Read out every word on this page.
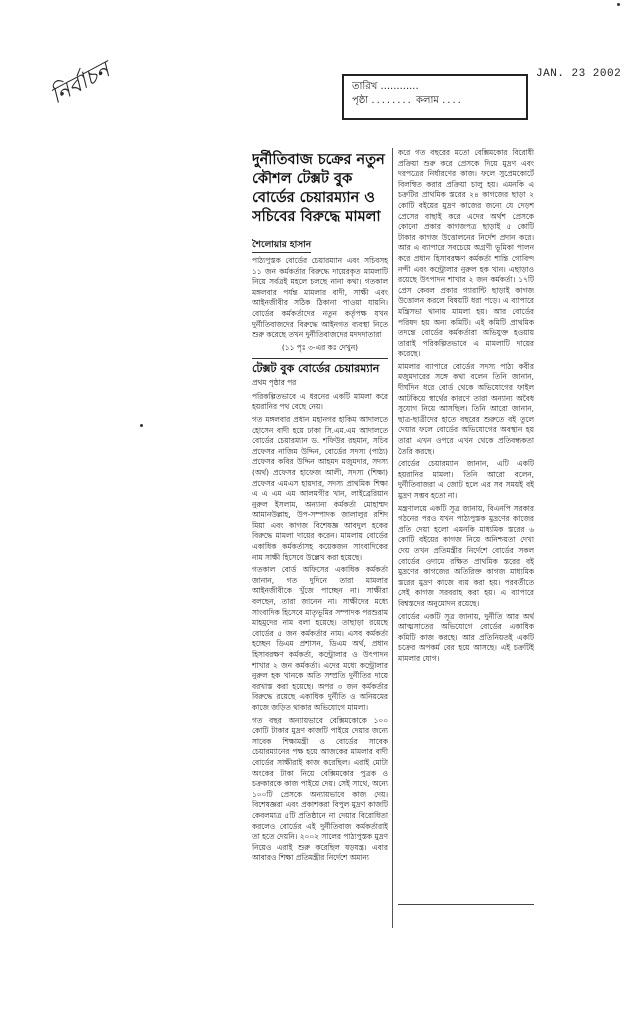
নির্বাচন	JAN. 23 2002
তারিখ ............
পৃষ্ঠা ........ কলাম ....
দুর্নীতিবাজ চক্রের নতুন কৌশল টেক্সট বুক বোর্ডের চেয়ারম্যান ও সচিবের বিরুদ্ধে মামলা
শৈলোয়ার হাসান

পাঠ্যপুস্তক বোর্ডের চেয়ারম্যান এবং সচিবসহ ১১ জন কর্মকর্তার বিরুদ্ধে দায়েরকৃত মামলাটি নিয়ে সর্বত্রই মহলে চলছে নানা কথা। গতকাল মঙ্গলবার পর্যন্ত মামলার বাদী, সাক্ষী এবং আইনজীবীর সঠিক ঠিকানা পাওয়া যায়নি। বোর্ডের কর্মকর্তাদের নতুন কর্তৃপক্ষ যখন দুর্নীতিবাজদের বিরুদ্ধে আইনগত ব্যবস্থা নিতে শুরু করেছে তখন দুর্নীতিবাজদের মদদদাতারা

(১১ পৃঃ ৩-এর কঃ দেখুন)
টেক্সট বুক বোর্ডের চেয়ারম্যান
প্রথম পৃষ্ঠার পর

পরিকল্পিতভাবে এ ধরনের একটি মামলা করে হয়রানির পথ বেছে নেয়।

গত মঙ্গলবার প্রধান মহানগর হাকিম আদালতে হোসেন বাদী হয়ে ঢাকা সি.এম.এম আদালতে বোর্ডের চেয়ারম্যান ড. শফিউর রহমান, সচিব প্রফেসর নাজিম উদ্দিন, বোর্ডের সদস্য (পাঠ্য) প্রফেসর কবির উদ্দিন আহমদ মজুমদার, সদস্য (অর্থ) প্রফেসর হাফেজ আলী, সদস্য (শিক্ষা) প্রফেসর এমএস হায়দার, সদস্য প্রাথমিক শিক্ষা এ এ এম এম আলমগীর খান, লাইব্রেরিয়ান নুরুল ইসলাম, অন্যান্য কর্মকর্তা মোহাম্মদ আমানউল্লাহ, উপ-সম্পাদক জালালুর রশিদ মিয়া এবং কাগজ বিশেষজ্ঞ আবদুল হকের বিরুদ্ধে মামলা দায়ের করেন। মামলায় বোর্ডের একাধিক কর্মকর্তাসহ কয়েকজন সাংবাদিকের নাম সাক্ষী হিসেবে উল্লেখ করা হয়েছে।

গতকাল বোর্ড অফিসের একাধিক কর্মকর্তা জানান, গত দুদিনে তারা মামলার আইনজীবীকে খুঁজে পাচ্ছেন না। সাক্ষীরা বলছেন, তারা জানেন না। সাক্ষীদের মধ্যে সাংবাদিক হিসেবে মাতৃভূমির সম্পাদক পরশুরাম মাহমুদের নাম বলা হয়েছে। তাছাড়া রয়েছে বোর্ডের ৫ জন কর্মকর্তার নাম। এসব কর্মকর্তা হচ্ছেন ডিএম প্রশাসন, ডিএম অর্থ, প্রধান হিসাবরক্ষণ কর্মকর্তা, কন্ট্রোলার ও উৎপাদন শাখার ২ জন কর্মকর্তা। এদের মধ্যে কন্ট্রোলার নুরুল হক খানকে অতি সম্প্রতি দুর্নীতির দায়ে বরখাস্ত করা হয়েছে। অপর ৩ জন কর্মকর্তার বিরুদ্ধে রয়েছে একাধিক দুর্নীতি ও অনিয়মের কাজে জড়িত থাকার অভিযোগে মামলা।

গত বছর অন্যায়ভাবে বেক্সিমকোকে ১০০ কোটি টাকার মুদ্রণ কাজটি পাইয়ে দেয়ার জন্যে সাবেক শিক্ষামন্ত্রী ও বোর্ডের সাবেক চেয়ারম্যানের পক্ষ হয়ে আজকের মামলার বাদী বোর্ডের সাক্ষীরাই কাজ করেছিল। এরাই মোটা অংকের টাকা নিয়ে বেক্সিমকোর পুত্রক ও চক্রকারকে কাজ পাইয়ে দেয়। সেই সাথে, অন্যে ১০০টি প্রেসকে অন্যায়ভাবে কাজ দেয়। বিশেষজ্ঞরা এবং প্রকাশকরা বিপুল মুদ্রণ কাজটি কেবলমাত্র ৫টি প্রতিষ্ঠানে না দেয়ার বিরোধিতা করলেও বোর্ডের এই দুর্নীতিবাজ কর্মকর্তারাই তা হতে দেয়নি। ২০০২ সালের পাঠ্যপুস্তক মুদ্রণ নিয়েও এরাই শুরু করেছিল ষড়যন্ত্র। এবার আবারও শিক্ষা প্রতিমন্ত্রীর নির্দেশে অমান্য

করে গত বছরের মতো বেক্সিমকোর বিরোধী প্রক্রিয়া শুরু করে প্রেসকে দিয়ে মুদ্রণ এবং দরপত্রের নির্ধারণের কাজ। ফলে সুপ্রেমকোর্টে বিলম্বিত করার প্রক্রিয়া চালু হয়। এমনকি এ চক্রটির প্রাথমিক স্তরের ২৪ কাগজের ছাড়া ২ কোটি বইয়ের মুদ্রণ কাজের জন্যে যে দেড়শ প্রেসের বাছাই করে এদের অর্থশ প্রেসকে কোনো প্রকার কাগজপত্র ছাড়াই ৫ কোটি টাকার কাগজ উত্তোলনের নির্দেশ প্রদান করে। আর এ ব্যাপারে সবচেয়ে অগ্রণী ভূমিকা পালন করে প্রধান হিসাবরক্ষণ কর্মকর্তা শান্তি গোবিন্দ নন্দী এবং কন্ট্রোলার নুরুল হক খান। এছাড়াও রয়েছে উৎপাদন শাখার ২ জন কর্মকর্তা। ১৭টি প্রেস কেবল প্রকার গ্যারান্টি ছাড়াই কাগজ উত্তোলন করলে বিষয়টি ধরা পড়ে। এ ব্যাপারে মন্ত্রিসভা থানায় মামলা হয়। আর বোর্ডের পরিষদ হয় অন্য কমিটি। এই কমিটি প্রাথমিক তদন্তে বোর্ডের কর্মকর্তারা অভিযুক্ত হওয়ায় তারাই পরিকল্পিতভাবে এ মামলাটি দায়ের করেছে।

মামলার ব্যাপারে বোর্ডের সদস্য পাঠ্য কবীর মজুমদারের সঙ্গে কথা বলেন তিনি জানান, দীর্ঘদিন ধরে বোর্ড থেকে অভিযোগের ফাইল আটকিয়ে স্বার্থের কারণে তারা অন্যান্য অবৈধ সুযোগ নিয়ে আসছিল। তিনি আরো জানান, ছাত্র-ছাত্রীদের হাতে বছরের শুরুতে বই তুলে দেয়ার ফলে বোর্ডের অভিযোগের অবস্থান হয় তারা এখন ওপরে এখন থেকে প্রতিবন্ধকতা তৈরি করছে।

বোর্ডের চেয়ারম্যান জানান, এটি একটি হয়রানির মামলা। তিনি আরো বলেন, দুর্নীতিবাজরা এ জোট হলে এর সব সময়ই বই মুদ্রণ সম্ভব হতো না।

মন্ত্রণালয়ে একটি সূত্র জানায়, বিএনপি সরকার গঠনের পরও যখন পাঠ্যপুস্তক মুদ্রণের কাজের প্রতি দেয়া হলো এমনকি মাধ্যমিক স্তরের ৬ কোটি বইয়ের কাগজ নিয়ে অনিশ্চয়তা দেখা দেয় তখন প্রতিমন্ত্রীর নির্দেশে বোর্ডের সকল বোর্ডের ওদামে রক্ষিত প্রাথমিক স্তরের বই মুদ্রণের কাগজের অতিরিক্ত কাগজ মাধ্যমিক স্তরের মুদ্রণ কাজে ব্যয় করা হয়। পরবর্তীতে সেই কাগজ সরবরাহ করা হয়। এ ব্যাপারে বিশ্বস্তদের অনুমোদন রয়েছে।

বোর্ডের একটি সূত্র জানায়, দুর্নীতি আর অর্থ আত্মসাতের অভিযোগে বোর্ডের একাধিক কমিটি কাজ করছে। আর প্রতিনিয়তই একটি চক্রের অপকর্ম বের হয়ে আসছে। এই চক্রটিই মামলার যোগ।
